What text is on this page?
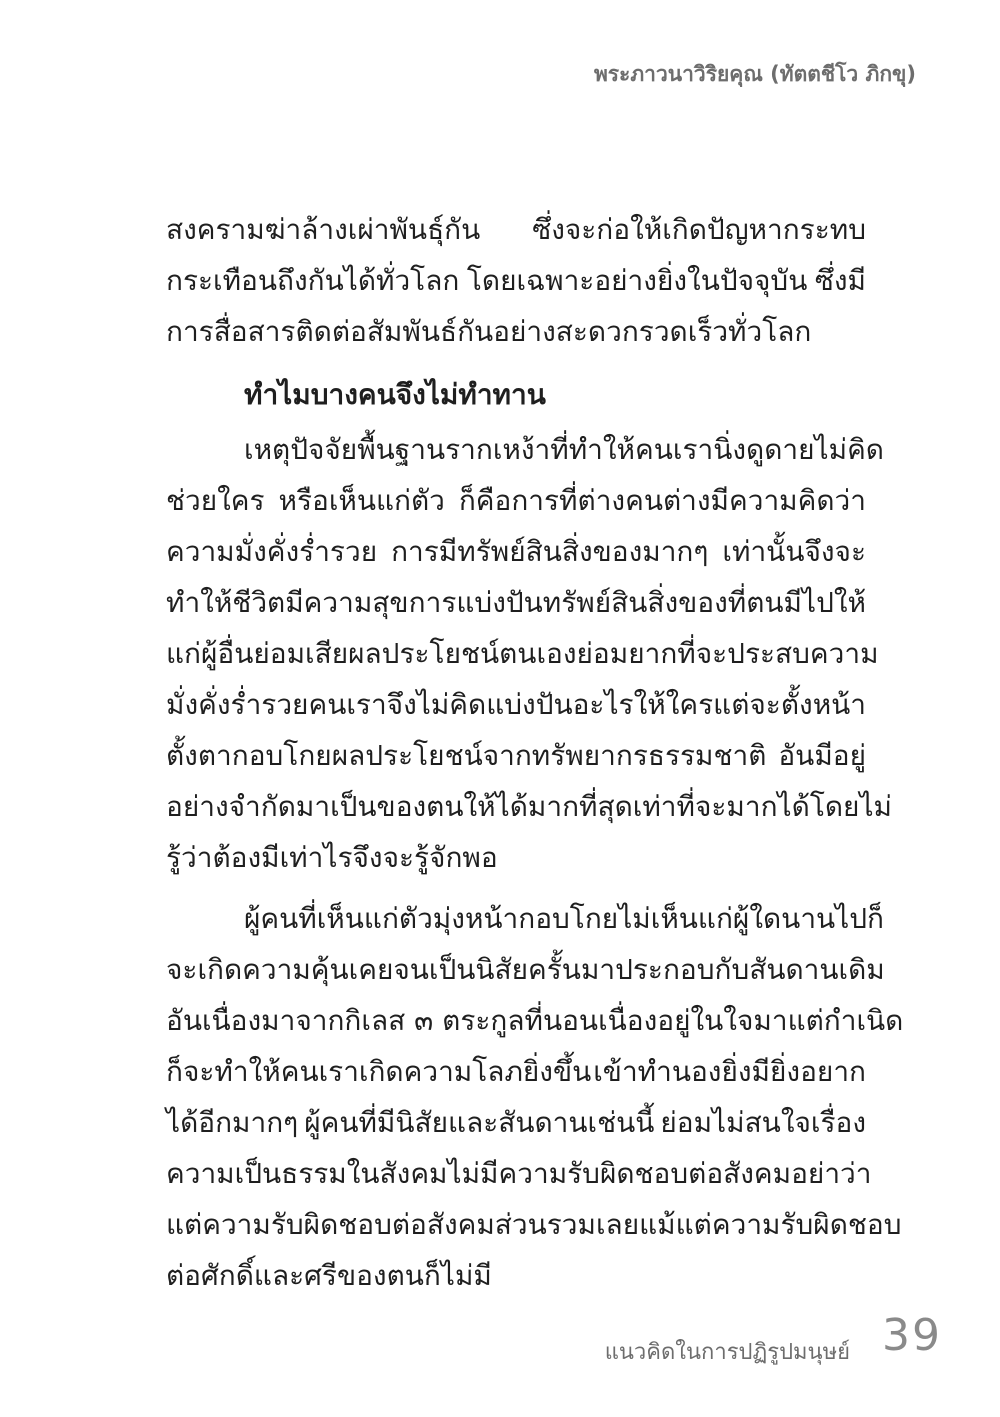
พระภาวนาวิริยคุณ (ทัตตชีโว ภิกขุ)
สงครามฆ่าล้างเผ่าพันธุ์กัน ซึ่งจะก่อให้เกิดปัญหากระทบ
กระเทือนถึงกันได้ทั่วโลก โดยเฉพาะอย่างยิ่งในปัจจุบัน ซึ่งมี
การสื่อสารติดต่อสัมพันธ์กันอย่างสะดวกรวดเร็วทั่วโลก
ทำไมบางคนจึงไม่ทำทาน
เหตุปัจจัยพื้นฐานรากเหง้าที่ทำให้คนเรานิ่งดูดายไม่คิด
ช่วยใคร หรือเห็นแก่ตัว ก็คือการที่ต่างคนต่างมีความคิดว่า
ความมั่งคั่งร่ำรวย การมีทรัพย์สินสิ่งของมากๆ เท่านั้นจึงจะ
ทำให้ชีวิตมีความสุข การแบ่งปันทรัพย์สินสิ่งของที่ตนมีไปให้
แก่ผู้อื่น ย่อมเสียผลประโยชน์ตนเอง ย่อมยากที่จะประสบความ
มั่งคั่งร่ำรวย คนเราจึงไม่คิดแบ่งปันอะไรให้ใคร แต่จะตั้งหน้า
ตั้งตากอบโกยผลประโยชน์จากทรัพยากรธรรมชาติ อันมีอยู่
อย่างจำกัด มาเป็นของตนให้ได้มากที่สุดเท่าที่จะมากได้ โดยไม่
รู้ว่าต้องมีเท่าไรจึงจะรู้จักพอ
ผู้คนที่เห็นแก่ตัวมุ่งหน้ากอบโกย ไม่เห็นแก่ผู้ใด นานไปก็
จะเกิดความคุ้นเคยจนเป็นนิสัย ครั้นมาประกอบกับสันดานเดิม
อันเนื่องมาจากกิเลส ๓ ตระกูล ที่นอนเนื่องอยู่ในใจมาแต่กำเนิด
ก็จะทำให้คนเราเกิดความโลภยิ่งขึ้น เข้าทำนองยิ่งมียิ่งอยาก
ได้อีกมากๆ ผู้คนที่มีนิสัยและสันดานเช่นนี้ ย่อมไม่สนใจเรื่อง
ความเป็นธรรมในสังคม ไม่มีความรับผิดชอบต่อสังคม อย่าว่า
แต่ความรับผิดชอบต่อสังคมส่วนรวมเลย แม้แต่ความรับผิดชอบ
ต่อศักดิ์และศรีของตนก็ไม่มี
แนวคิดในการปฏิรูปมนุษย์ 39
